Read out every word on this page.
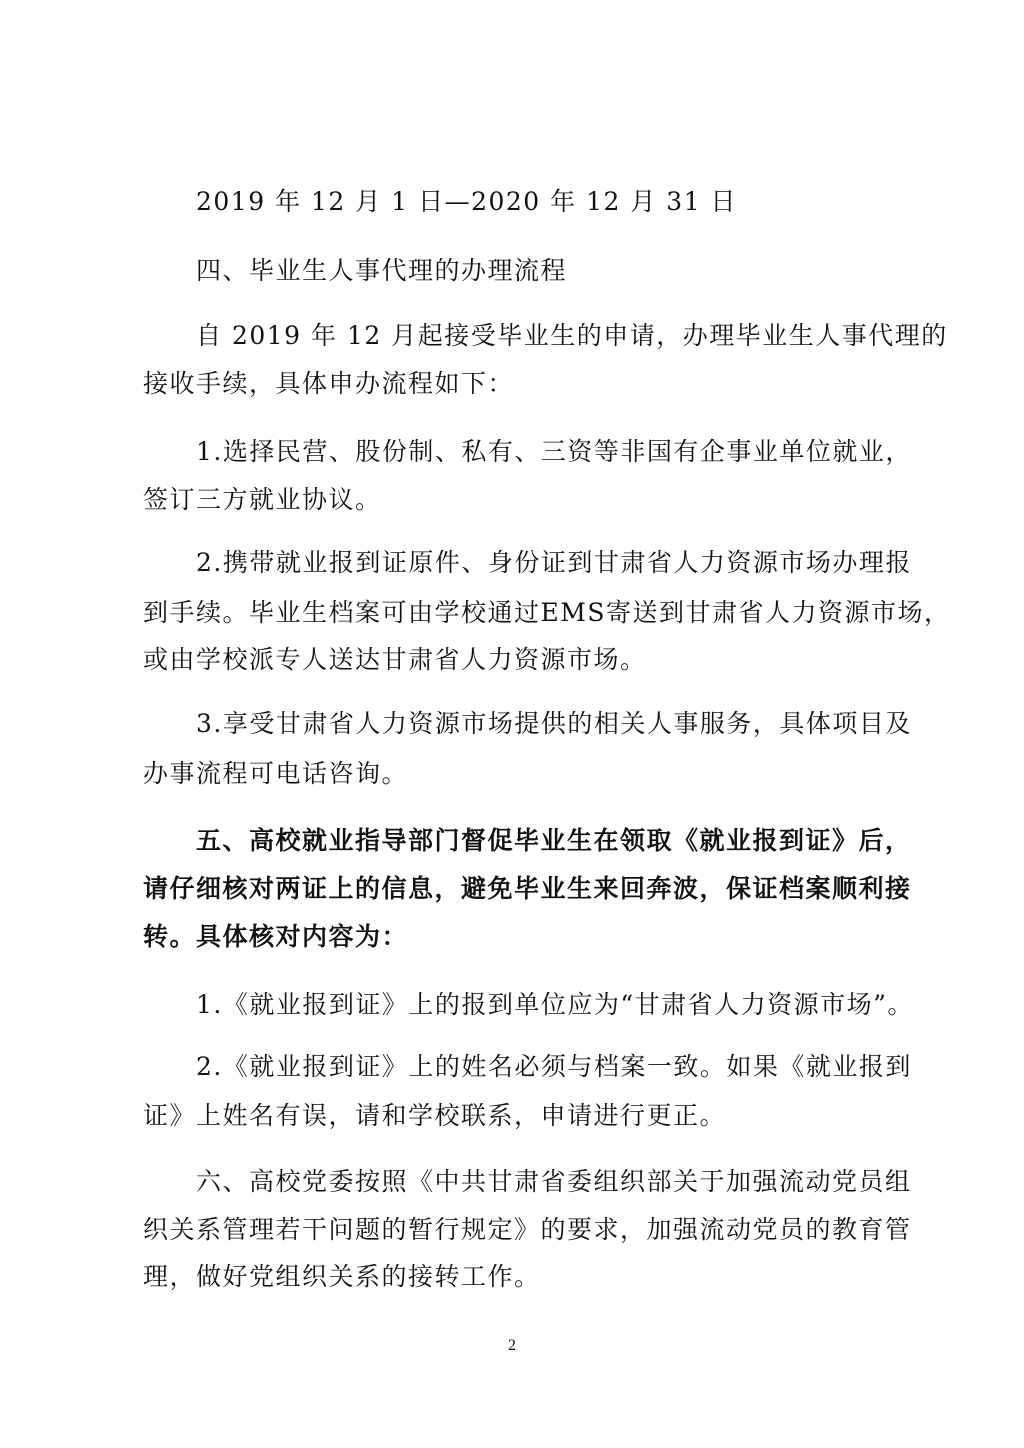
　　2019 年 12 月 1 日—2020 年 12 月 31 日
　　四、毕业生人事代理的办理流程
　　自 2019 年 12 月起接受毕业生的申请，办理毕业生人事代理的
接收手续，具体申办流程如下：
　　1.选择民营、股份制、私有、三资等非国有企事业单位就业，
签订三方就业协议。
　　2.携带就业报到证原件、身份证到甘肃省人力资源市场办理报
到手续。毕业生档案可由学校通过EMS寄送到甘肃省人力资源市场，
或由学校派专人送达甘肃省人力资源市场。
　　3.享受甘肃省人力资源市场提供的相关人事服务，具体项目及
办事流程可电话咨询。
　　五、高校就业指导部门督促毕业生在领取《就业报到证》后，
请仔细核对两证上的信息，避免毕业生来回奔波，保证档案顺利接
转。具体核对内容为：
　　1.《就业报到证》上的报到单位应为“甘肃省人力资源市场”。
　　2.《就业报到证》上的姓名必须与档案一致。如果《就业报到
证》上姓名有误，请和学校联系，申请进行更正。
　　六、高校党委按照《中共甘肃省委组织部关于加强流动党员组
织关系管理若干问题的暂行规定》的要求，加强流动党员的教育管
理，做好党组织关系的接转工作。
2
